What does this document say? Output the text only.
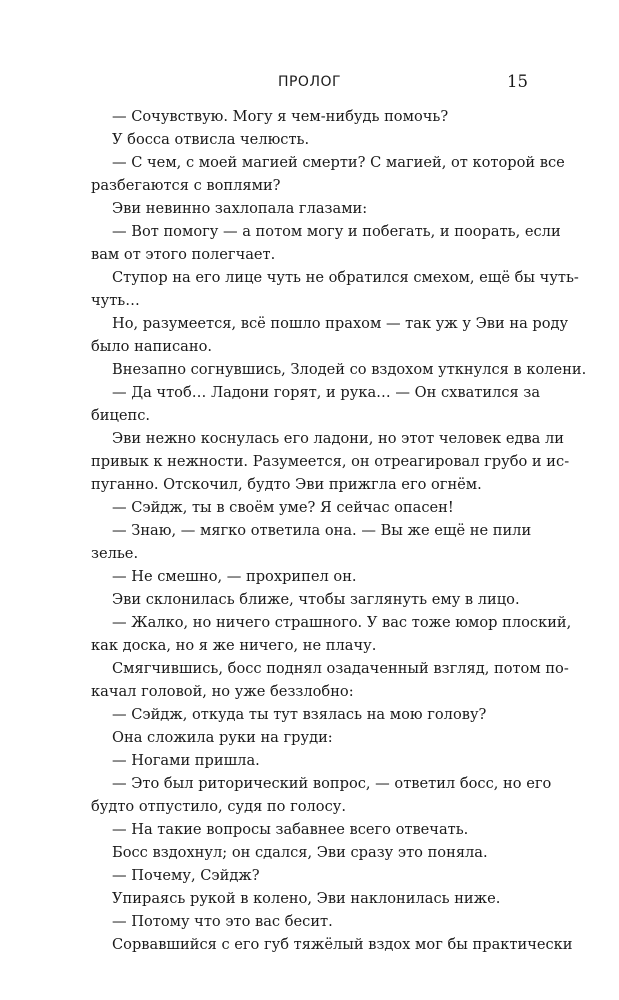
ПРОЛОГ	15
— Сочувствую. Могу я чем-нибудь помочь?
У босса отвисла челюсть.
— С чем, с моей магией смерти? С магией, от которой все
разбегаются с воплями?
Эви невинно захлопала глазами:
— Вот помогу — а потом могу и побегать, и поорать, если
вам от этого полегчает.
Ступор на его лице чуть не обратился смехом, ещё бы чуть-
чуть…
Но, разумеется, всё пошло прахом — так уж у Эви на роду
было написано.
Внезапно согнувшись, Злодей со вздохом уткнулся в колени.
— Да чтоб… Ладони горят, и рука… — Он схватился за
бицепс.
Эви нежно коснулась его ладони, но этот человек едва ли
привык к нежности. Разумеется, он отреагировал грубо и ис-
пуганно. Отскочил, будто Эви прижгла его огнём.
— Сэйдж, ты в своём уме? Я сейчас опасен!
— Знаю, — мягко ответила она. — Вы же ещё не пили
зелье.
— Не смешно, — прохрипел он.
Эви склонилась ближе, чтобы заглянуть ему в лицо.
— Жалко, но ничего страшного. У вас тоже юмор плоский,
как доска, но я же ничего, не плачу.
Смягчившись, босс поднял озадаченный взгляд, потом по-
качал головой, но уже беззлобно:
— Сэйдж, откуда ты тут взялась на мою голову?
Она сложила руки на груди:
— Ногами пришла.
— Это был риторический вопрос, — ответил босс, но его
будто отпустило, судя по голосу.
— На такие вопросы забавнее всего отвечать.
Босс вздохнул; он сдался, Эви сразу это поняла.
— Почему, Сэйдж?
Упираясь рукой в колено, Эви наклонилась ниже.
— Потому что это вас бесит.
Сорвавшийся с его губ тяжёлый вздох мог бы практически
